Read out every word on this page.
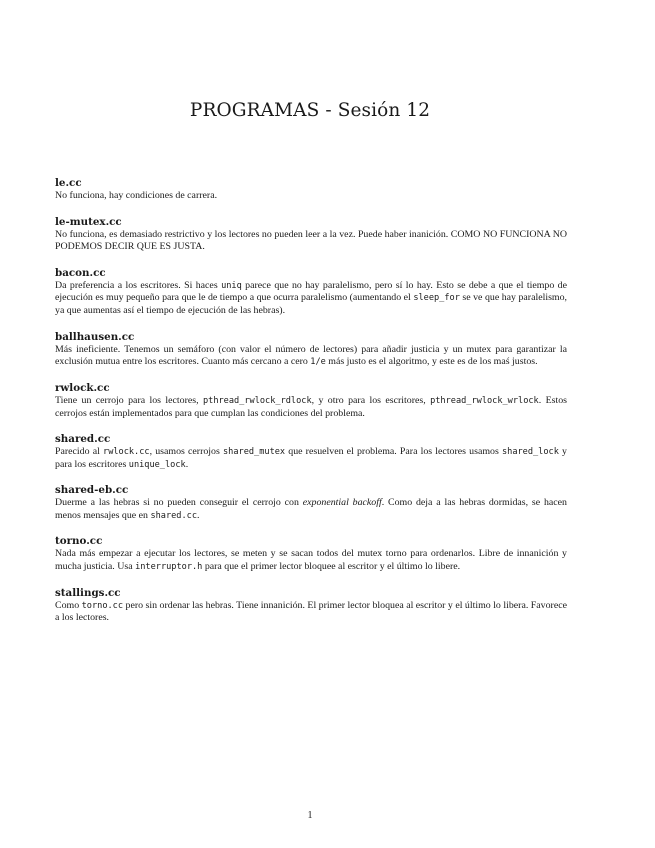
PROGRAMAS - Sesión 12
le.cc
No funciona, hay condiciones de carrera.
le-mutex.cc
No funciona, es demasiado restrictivo y los lectores no pueden leer a la vez. Puede haber inanición. COMO NO FUNCIONA NO PODEMOS DECIR QUE ES JUSTA.
bacon.cc
Da preferencia a los escritores. Si haces uniq parece que no hay paralelismo, pero sí lo hay. Esto se debe a que el tiempo de ejecución es muy pequeño para que le de tiempo a que ocurra paralelismo (aumentando el sleep_for se ve que hay paralelismo, ya que aumentas así el tiempo de ejecución de las hebras).
ballhausen.cc
Más ineficiente. Tenemos un semáforo (con valor el número de lectores) para añadir justicia y un mutex para garantizar la exclusión mutua entre los escritores. Cuanto más cercano a cero 1/e más justo es el algoritmo, y este es de los maś justos.
rwlock.cc
Tiene un cerrojo para los lectores, pthread_rwlock_rdlock, y otro para los escritores, pthread_rwlock_wrlock. Estos cerrojos están implementados para que cumplan las condiciones del problema.
shared.cc
Parecido al rwlock.cc, usamos cerrojos shared_mutex que resuelven el problema. Para los lectores usamos shared_lock y para los escritores unique_lock.
shared-eb.cc
Duerme a las hebras si no pueden conseguir el cerrojo con exponential backoff. Como deja a las hebras dormidas, se hacen menos mensajes que en shared.cc.
torno.cc
Nada más empezar a ejecutar los lectores, se meten y se sacan todos del mutex torno para ordenarlos. Libre de innanición y mucha justicia. Usa interruptor.h para que el primer lector bloquee al escritor y el último lo libere.
stallings.cc
Como torno.cc pero sin ordenar las hebras. Tiene innanición. El primer lector bloquea al escritor y el último lo libera. Favorece a los lectores.
1
